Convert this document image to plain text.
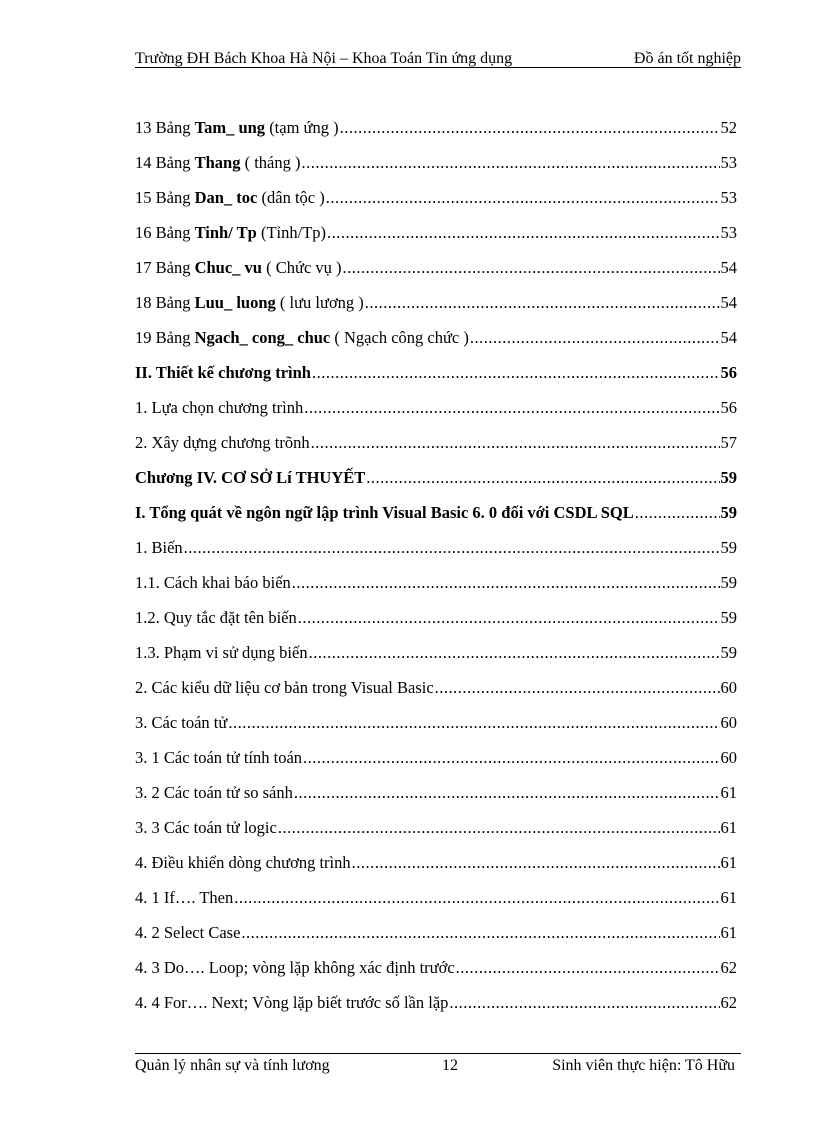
Trường ĐH Bách Khoa Hà Nội – Khoa Toán Tin ứng dụng	Đồ án tốt nghiệp
13 Bảng Tam_ ung (tạm ứng ) .....	52
14 Bảng Thang ( tháng ) .....	53
15 Bảng Dan_ toc (dân tộc ) .....	53
16 Bảng Tinh/ Tp (Tỉnh/Tp) .....	53
17 Bảng Chuc_ vu ( Chức vụ ) .....	54
18 Bảng Luu_ luong ( lưu lương ) .....	54
19 Bảng Ngach_ cong_ chuc ( Ngạch công chức ) .....	54
II. Thiết kế chương trình .....	56
1. Lựa chọn chương trình .....	56
2. Xây dựng chương trõnh .....	57
Chương IV. CƠ SỞ Lí THUYẾT .....	59
I. Tổng quát về ngôn ngữ lập trình Visual Basic 6. 0 đối với CSDL SQL .....	59
1. Biến .....	59
1.1. Cách khai báo biến .....	59
1.2. Quy tắc đặt tên biến .....	59
1.3. Phạm vi sử dụng biến .....	59
2. Các kiểu dữ liệu cơ bản trong Visual Basic .....	60
3. Các toán tử .....	60
3. 1 Các toán tử tính toán .....	60
3. 2 Các toán tử so sánh .....	61
3. 3 Các toán tử logic .....	61
4. Điều khiển dòng chương trình .....	61
4. 1 If…. Then .....	61
4. 2 Select Case .....	61
4. 3 Do…. Loop; vòng lặp không xác định trước .....	62
4. 4 For…. Next; Vòng lặp biết trước số lần lặp .....	62
Quản lý nhân sự và tính lương	12	Sinh viên thực hiện: Tô Hữu
